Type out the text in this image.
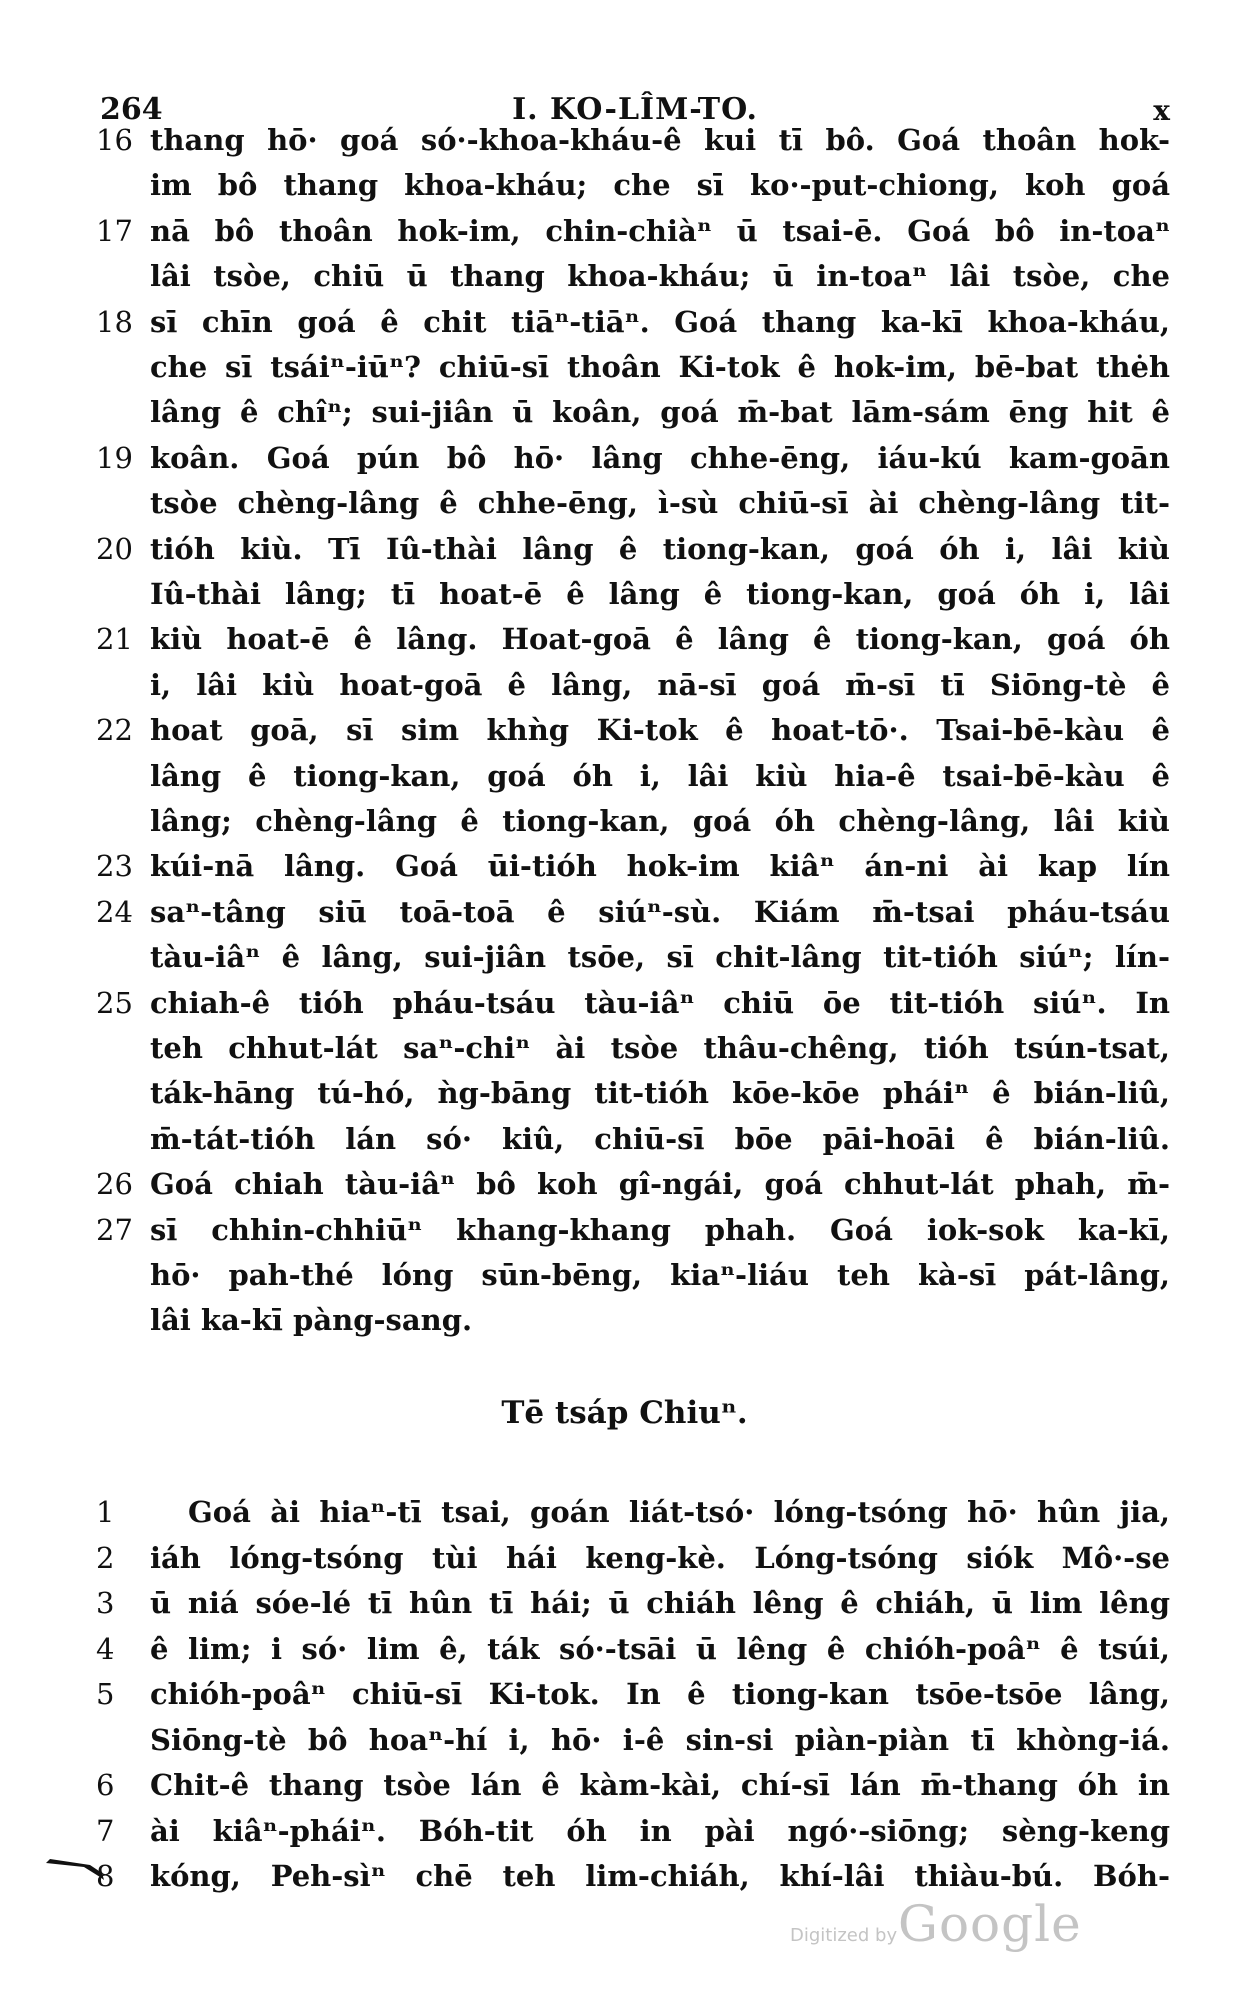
264	I. KO-LÎM-TO.	x
16 thang hō· goá só·-khoa-kháu-ê kui tī bô. Goá thoân hok-
im bô thang khoa-kháu; che sī ko·-put-chiong, koh goá
17 nā bô thoân hok-im, chin-chiàⁿ ū tsai-ē. Goá bô in-toaⁿ
lâi tsòe, chiū ū thang khoa-kháu; ū in-toaⁿ lâi tsòe, che
18 sī chīn goá ê chit tiāⁿ-tiāⁿ. Goá thang ka-kī khoa-kháu,
che sī tsáiⁿ-iūⁿ? chiū-sī thoân Ki-tok ê hok-im, bē-bat thėh
lâng ê chîⁿ; sui-jiân ū koân, goá m̄-bat lām-sám ēng hit ê
19 koân. Goá pún bô hō· lâng chhe-ēng, iáu-kú kam-goān
tsòe chèng-lâng ê chhe-ēng, ì-sù chiū-sī ài chèng-lâng tit-
20 tióh kiù. Tī Iû-thài lâng ê tiong-kan, goá óh i, lâi kiù
Iû-thài lâng; tī hoat-ē ê lâng ê tiong-kan, goá óh i, lâi
21 kiù hoat-ē ê lâng. Hoat-goā ê lâng ê tiong-kan, goá óh
i, lâi kiù hoat-goā ê lâng, nā-sī goá m̄-sī tī Siōng-tè ê
22 hoat goā, sī sim khǹg Ki-tok ê hoat-tō·. Tsai-bē-kàu ê
lâng ê tiong-kan, goá óh i, lâi kiù hia-ê tsai-bē-kàu ê
lâng; chèng-lâng ê tiong-kan, goá óh chèng-lâng, lâi kiù
23 kúi-nā lâng. Goá ūi-tióh hok-im kiâⁿ án-ni ài kap lín
24 saⁿ-tâng siū toā-toā ê siúⁿ-sù. Kiám m̄-tsai pháu-tsáu
tàu-iâⁿ ê lâng, sui-jiân tsōe, sī chit-lâng tit-tióh siúⁿ; lín-
25 chiah-ê tióh pháu-tsáu tàu-iâⁿ chiū ōe tit-tióh siúⁿ. In
teh chhut-lát saⁿ-chiⁿ ài tsòe thâu-chêng, tióh tsún-tsat,
ták-hāng tú-hó, ǹg-bāng tit-tióh kōe-kōe pháiⁿ ê bián-liû,
m̄-tát-tióh lán só· kiû, chiū-sī bōe pāi-hoāi ê bián-liû.
26 Goá chiah tàu-iâⁿ bô koh gî-ngái, goá chhut-lát phah, m̄-
27 sī chhin-chhiūⁿ khang-khang phah. Goá iok-sok ka-kī,
hō· pah-thé lóng sūn-bēng, kiaⁿ-liáu teh kà-sī pát-lâng,
lâi ka-kī pàng-sang.
Tē tsáp Chiuⁿ.
1	Goá ài hiaⁿ-tī tsai, goán liát-tsó· lóng-tsóng hō· hûn jia,
2	iáh lóng-tsóng tùi hái keng-kè. Lóng-tsóng siók Mô·-se
3	ū niá sóe-lé tī hûn tī hái; ū chiáh lêng ê chiáh, ū lim lêng
4	ê lim; i só· lim ê, ták só·-tsāi ū lêng ê chióh-poâⁿ ê tsúi,
5	chióh-poâⁿ chiū-sī Ki-tok. In ê tiong-kan tsōe-tsōe lâng,
Siōng-tè bô hoaⁿ-hí i, hō· i-ê sin-si piàn-piàn tī khòng-iá.
6	Chit-ê thang tsòe lán ê kàm-kài, chí-sī lán m̄-thang óh in
7	ài kiâⁿ-pháiⁿ. Bóh-tit óh in pài ngó·-siōng; sèng-keng
8	kóng, Peh-sìⁿ chē teh lim-chiáh, khí-lâi thiàu-bú. Bóh-
Digitized by Google
